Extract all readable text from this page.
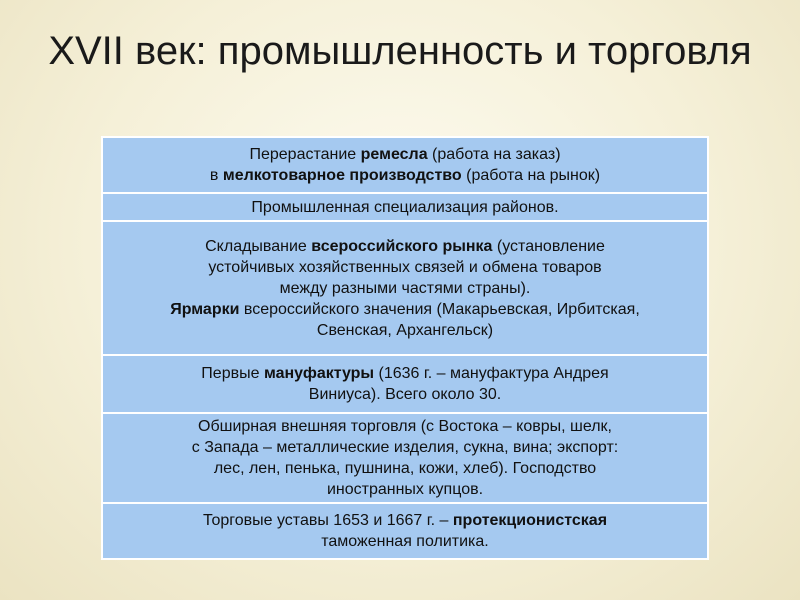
XVII век: промышленность и торговля
Перерастание ремесла (работа на заказ)
в мелкотоварное производство (работа на рынок)
Промышленная специализация районов.
Складывание всероссийского рынка (установление
устойчивых хозяйственных связей и обмена товаров
между разными частями страны).
Ярмарки всероссийского значения (Макарьевская, Ирбитская,
Свенская, Архангельск)
Первые мануфактуры (1636 г. – мануфактура Андрея
Виниуса). Всего около 30.
Обширная внешняя торговля (с Востока – ковры, шелк,
с Запада – металлические изделия, сукна, вина; экспорт:
лес, лен, пенька, пушнина, кожи, хлеб). Господство
иностранных купцов.
Торговые уставы 1653 и 1667 г. – протекционистская
таможенная политика.
